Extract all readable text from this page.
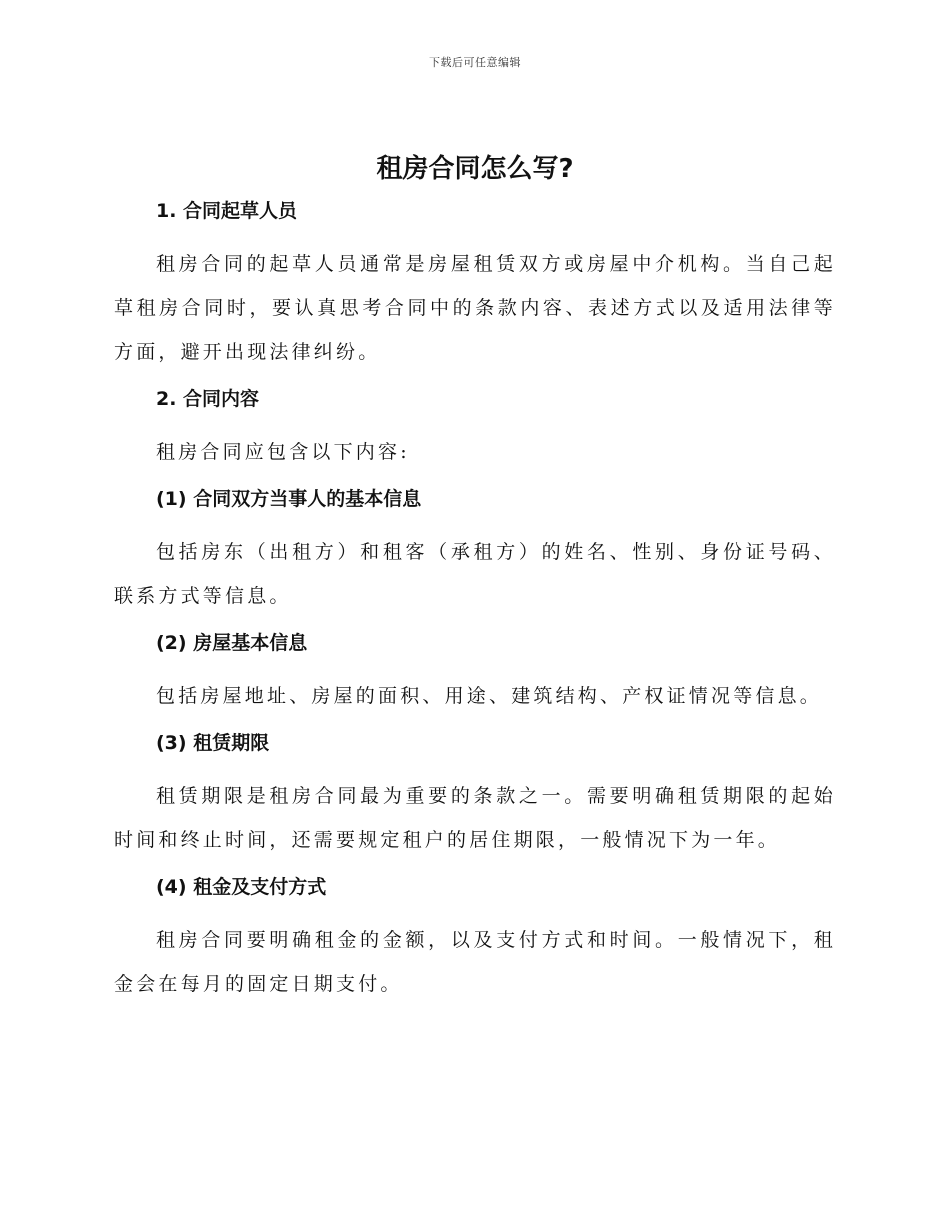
下载后可任意编辑
租房合同怎么写?
1. 合同起草人员

租房合同的起草人员通常是房屋租赁双方或房屋中介机构。当自己起草租房合同时，要认真思考合同中的条款内容、表述方式以及适用法律等方面，避开出现法律纠纷。

2. 合同内容

租房合同应包含以下内容:

(1) 合同双方当事人的基本信息

包括房东（出租方）和租客（承租方）的姓名、性别、身份证号码、联系方式等信息。

(2) 房屋基本信息

包括房屋地址、房屋的面积、用途、建筑结构、产权证情况等信息。

(3) 租赁期限

租赁期限是租房合同最为重要的条款之一。需要明确租赁期限的起始时间和终止时间，还需要规定租户的居住期限，一般情况下为一年。

(4) 租金及支付方式

租房合同要明确租金的金额，以及支付方式和时间。一般情况下，租金会在每月的固定日期支付。
